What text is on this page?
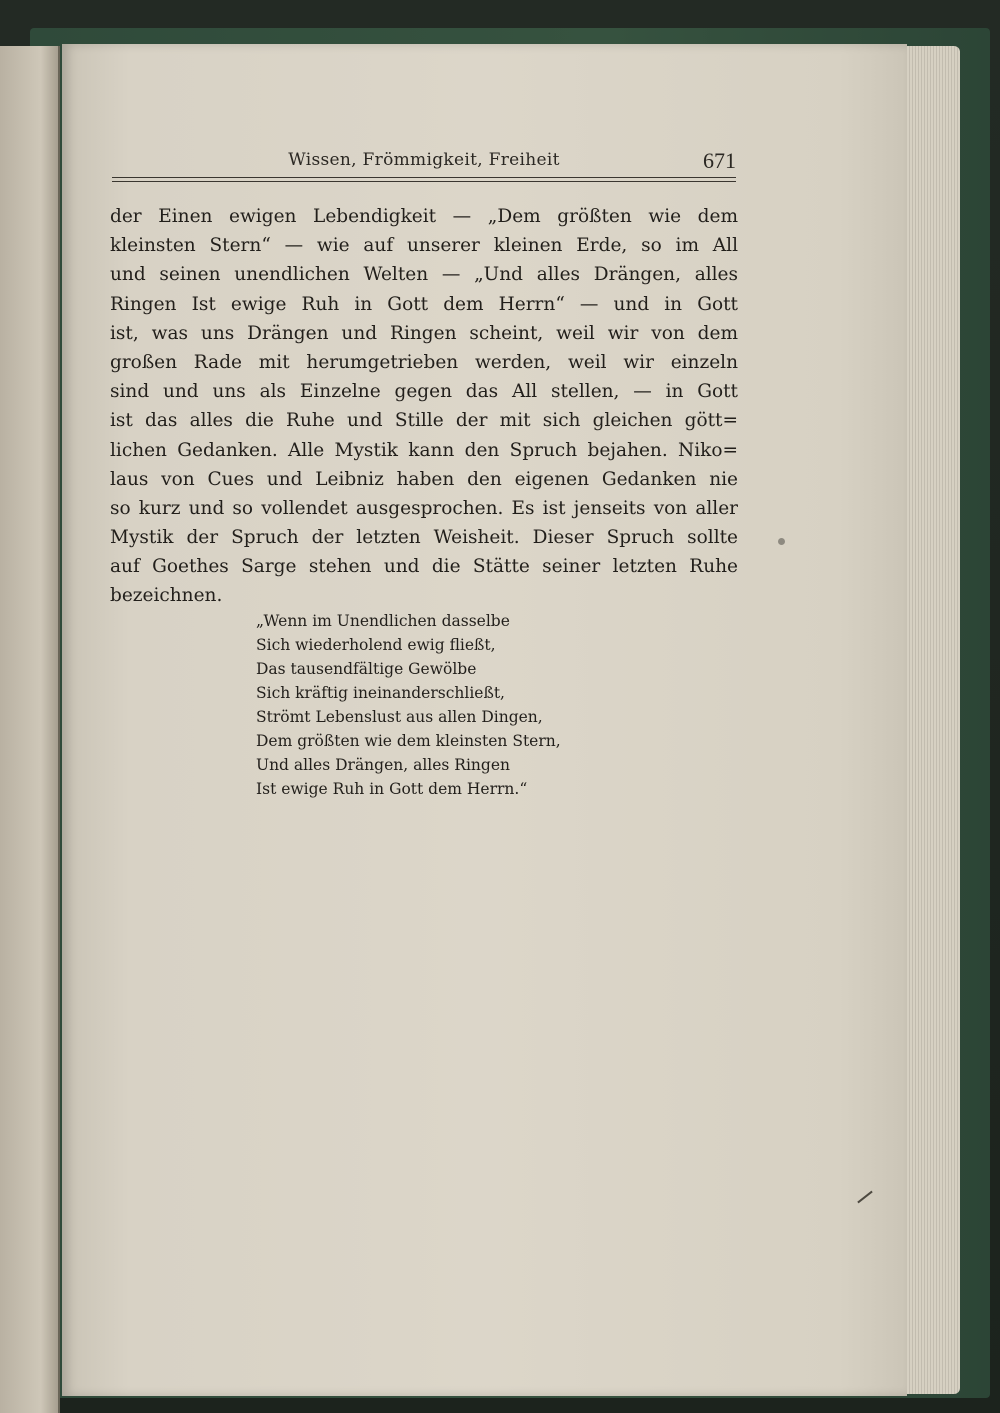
Wissen, Frömmigkeit, Freiheit	671
der Einen ewigen Lebendigkeit — „Dem größten wie dem
kleinsten Stern“ — wie auf unserer kleinen Erde, so im All
und seinen unendlichen Welten — „Und alles Drängen, alles
Ringen Ist ewige Ruh in Gott dem Herrn“ — und in Gott
ist, was uns Drängen und Ringen scheint, weil wir von dem
großen Rade mit herumgetrieben werden, weil wir einzeln
sind und uns als Einzelne gegen das All stellen, — in Gott
ist das alles die Ruhe und Stille der mit sich gleichen gött=
lichen Gedanken. Alle Mystik kann den Spruch bejahen. Niko=
laus von Cues und Leibniz haben den eigenen Gedanken nie
so kurz und so vollendet ausgesprochen. Es ist jenseits von aller
Mystik der Spruch der letzten Weisheit. Dieser Spruch sollte
auf Goethes Sarge stehen und die Stätte seiner letzten Ruhe
bezeichnen.
„Wenn im Unendlichen dasselbe
Sich wiederholend ewig fließt,
Das tausendfältige Gewölbe
Sich kräftig ineinanderschließt,
Strömt Lebenslust aus allen Dingen,
Dem größten wie dem kleinsten Stern,
Und alles Drängen, alles Ringen
Ist ewige Ruh in Gott dem Herrn.“
